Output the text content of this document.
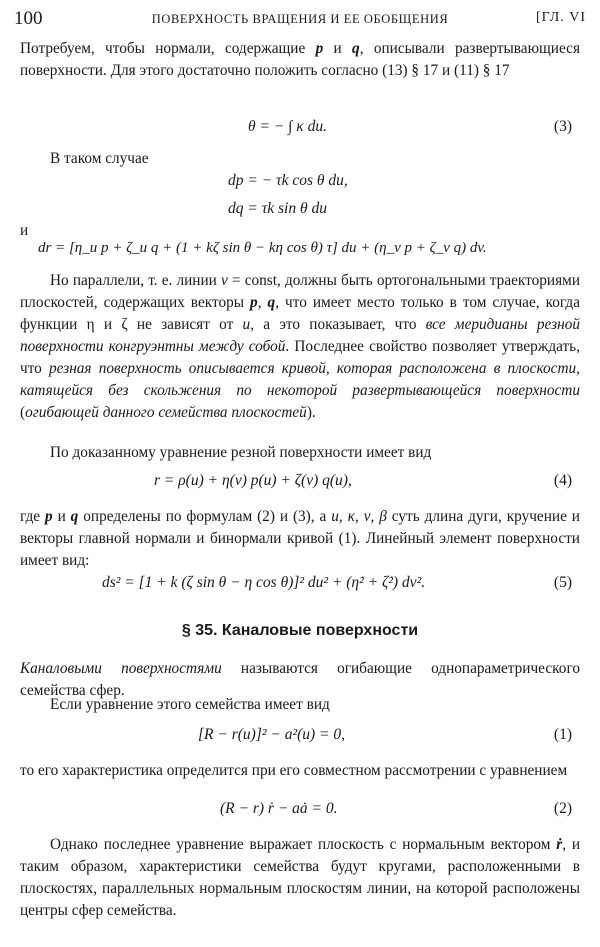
100	ПОВЕРХНОСТЬ ВРАЩЕНИЯ И ЕЕ ОБОБЩЕНИЯ	[ГЛ. VI
Потребуем, чтобы нормали, содержащие p и q, описывали развертывающиеся поверхности. Для этого достаточно положить согласно (13) § 17 и (11) § 17
θ = − ∫ κ du.	(3)
В таком случае
dp = − τk cos θ du,
dq = τk sin θ du
и
dr = [η_u p + ζ_u q + (1 + kζ sin θ − kη cos θ) τ] du + (η_v p + ζ_v q) dv.
Но параллели, т. е. линии v = const, должны быть ортогональными траекториями плоскостей, содержащих векторы p, q, что имеет место только в том случае, когда функции η и ζ не зависят от u, а это показывает, что все меридианы резной поверхности конгруэнтны между собой. Последнее свойство позволяет утверждать, что резная поверхность описывается кривой, которая расположена в плоскости, катящейся без скольжения по некоторой развертывающейся поверхности (огибающей данного семейства плоскостей).
По доказанному уравнение резной поверхности имеет вид
r = ρ(u) + η(v) p(u) + ζ(v) q(u),	(4)
где p и q определены по формулам (2) и (3), а u, κ, ν, β суть длина дуги, кручение и векторы главной нормали и бинормали кривой (1). Линейный элемент поверхности имеет вид:
ds² = [1 + k (ζ sin θ − η cos θ)]² du² + (η̇² + ζ̇²) dv².	(5)
§ 35. Каналовые поверхности
Каналовыми поверхностями называются огибающие однопараметрического семейства сфер.
Если уравнение этого семейства имеет вид
[R − r(u)]² − a²(u) = 0,	(1)
то его характеристика определится при его совместном рассмотрении с уравнением
(R − r) ṙ − aȧ = 0.	(2)
Однако последнее уравнение выражает плоскость с нормальным вектором ṙ, и таким образом, характеристики семейства будут кругами, расположенными в плоскостях, параллельных нормальным плоскостям линии, на которой расположены центры сфер семейства.
